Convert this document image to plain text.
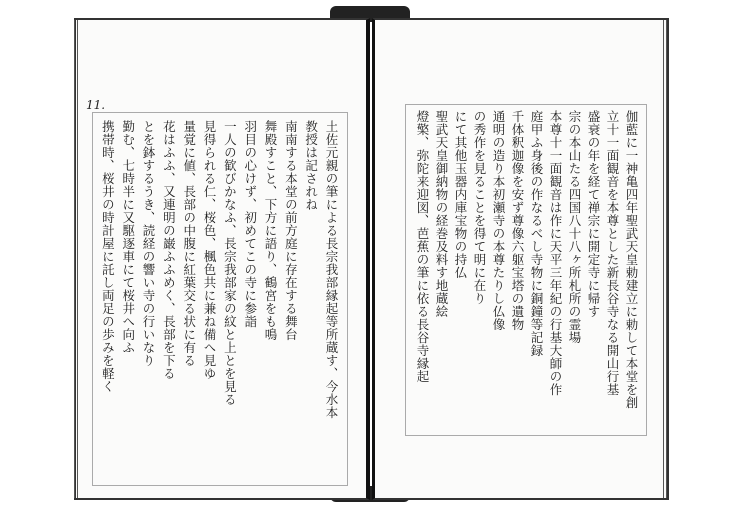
11.
土佐元親の筆による長宗我部縁起等所蔵す、今水本
教授は記されね
南南する本堂の前方庭に存在する舞台
舞殿すこと、下方に語り、鶴宮をも鳴
羽目の心けず、初めてこの寺に参詣
一人の歓びかなふ、長宗我部家の紋と上とを見る
見得られる仁、桜色、楓色共に兼ね備へ見ゆ
量覚に値、長部の中腹に紅葉交る状に有る
花はふふ、又連明の巌ふふめく、長部を下る
とを鉢するうき、読経の響い寺の行いなり
勤む、七時半に又駆逐車にて桜井へ向ふ
携帯時、桜井の時計屋に託し両足の歩みを軽く	伽藍に一神亀四年聖武天皇勅建立に勅して本堂を創
立十一面観音を本尊とした新長谷寺なる開山行基
盛衰の年を経て禅宗に開定寺に帰す
宗の本山たる四国八十八ヶ所札所の霊場
本尊十一面観音は作に天平三年紀の行基大師の作
庭甲ふ身後の作なるべし寺物に銅鐘等記録
千体釈迦像を安ず尊像六躯宝塔の遺物
通明の造り本初瀬寺の本尊たりし仏像
の秀作を見ることを得て明に在り
にて其他玉器内庫宝物の持仏
聖武天皇御納物の経巻及料す地蔵絵
燈檠、弥陀来迎図、芭蕉の筆に依る長谷寺縁起
